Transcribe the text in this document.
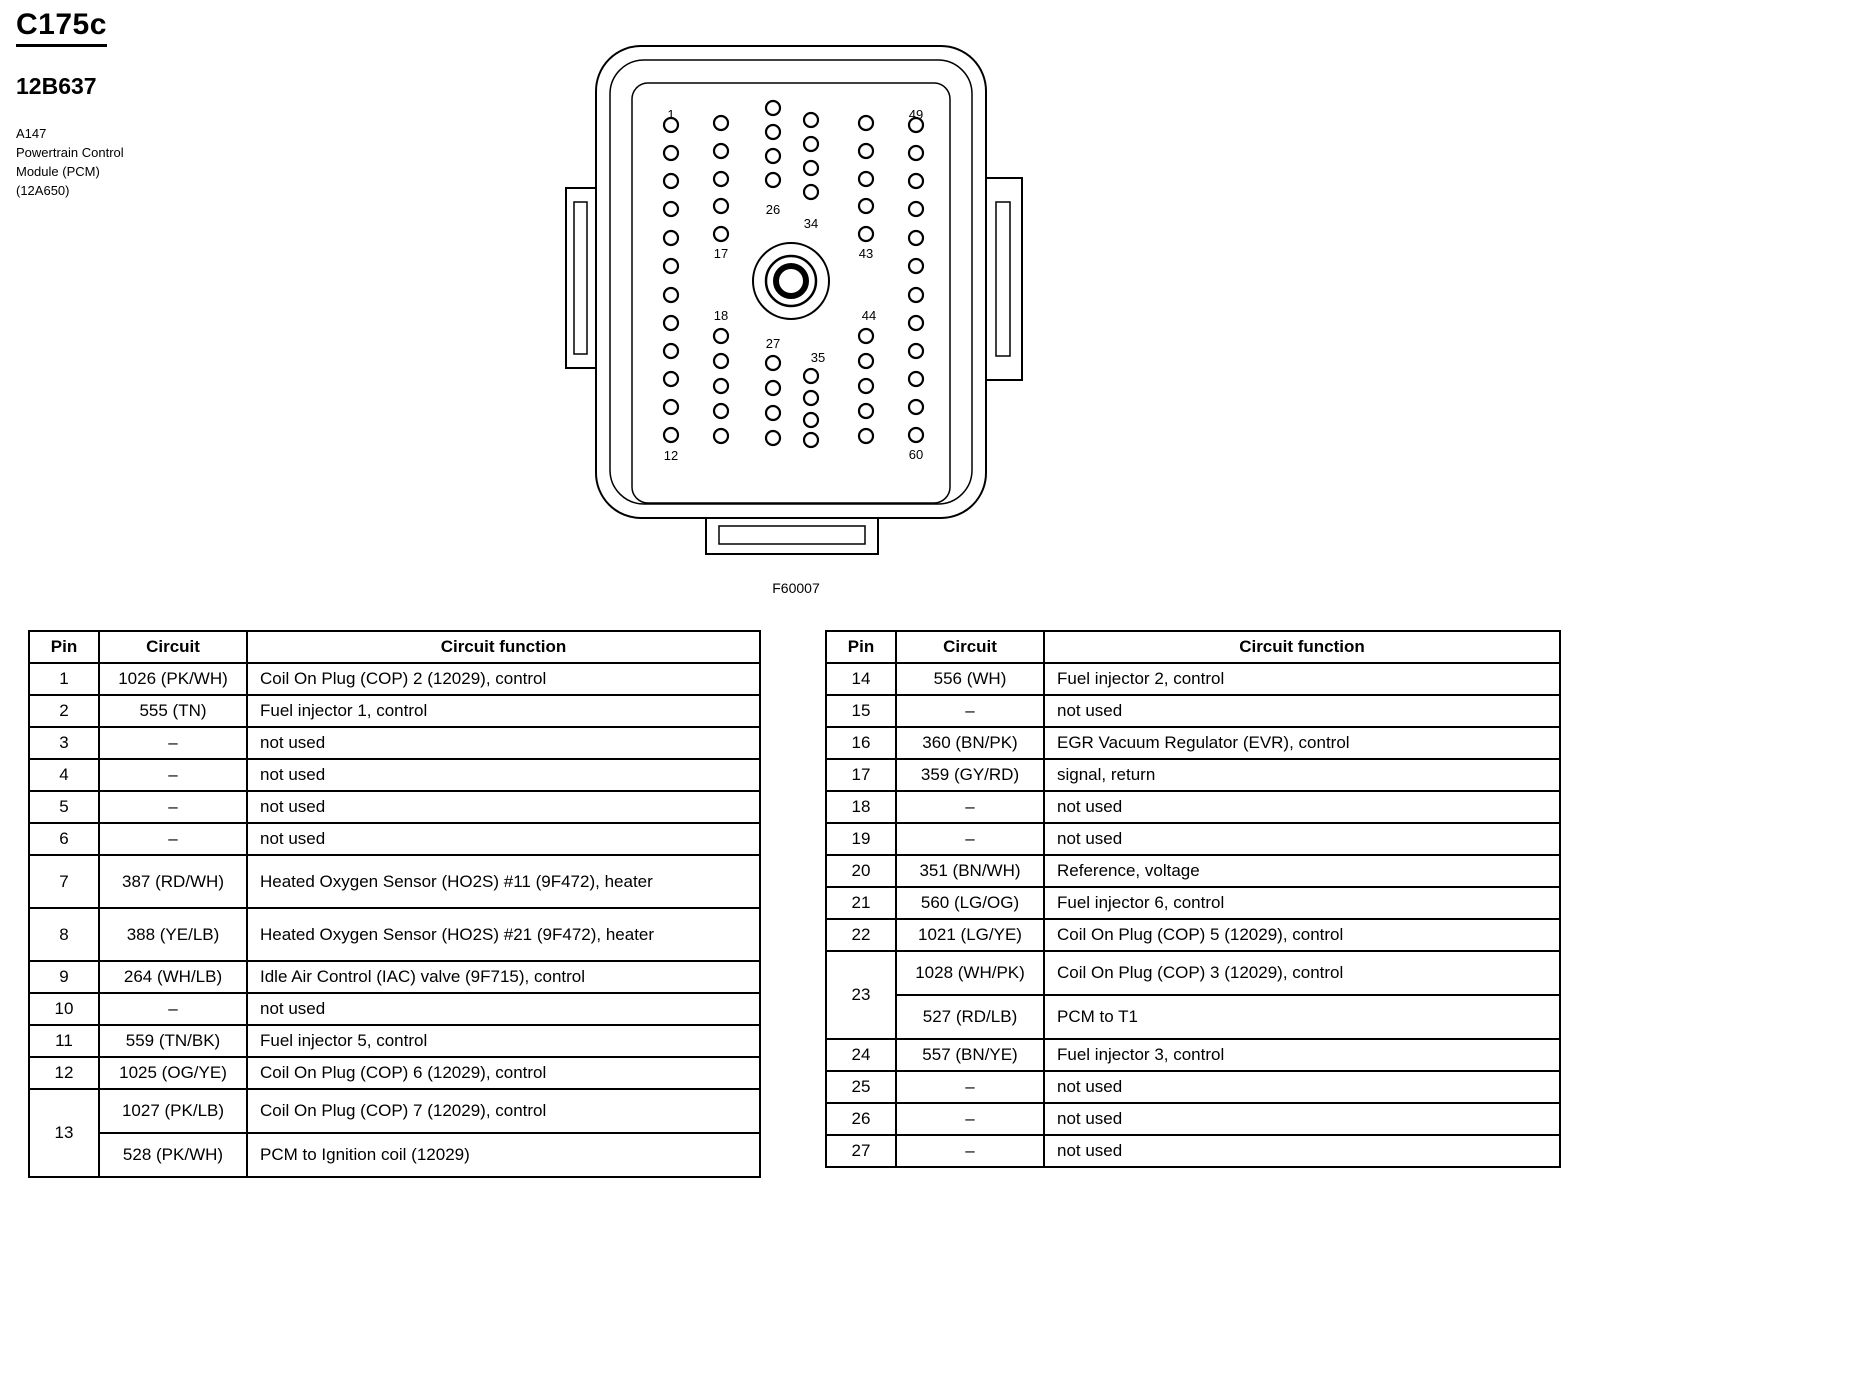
C175c
12B637
A147
Powertrain Control
Module (PCM)
(12A650)
1
12
17
18
26
27
34
35
43
44
49
60
F60007
Pin	Circuit	Circuit function
1	1026 (PK/WH)	Coil On Plug (COP) 2 (12029), control
2	555 (TN)	Fuel injector 1, control
3	–	not used
4	–	not used
5	–	not used
6	–	not used
7	387 (RD/WH)	Heated Oxygen Sensor (HO2S) #11 (9F472), heater
8	388 (YE/LB)	Heated Oxygen Sensor (HO2S) #21 (9F472), heater
9	264 (WH/LB)	Idle Air Control (IAC) valve (9F715), control
10	–	not used
11	559 (TN/BK)	Fuel injector 5, control
12	1025 (OG/YE)	Coil On Plug (COP) 6 (12029), control
13	1027 (PK/LB)	Coil On Plug (COP) 7 (12029), control
	528 (PK/WH)	PCM to Ignition coil (12029)
Pin	Circuit	Circuit function
14	556 (WH)	Fuel injector 2, control
15	–	not used
16	360 (BN/PK)	EGR Vacuum Regulator (EVR), control
17	359 (GY/RD)	signal, return
18	–	not used
19	–	not used
20	351 (BN/WH)	Reference, voltage
21	560 (LG/OG)	Fuel injector 6, control
22	1021 (LG/YE)	Coil On Plug (COP) 5 (12029), control
23	1028 (WH/PK)	Coil On Plug (COP) 3 (12029), control
	527 (RD/LB)	PCM to T1
24	557 (BN/YE)	Fuel injector 3, control
25	–	not used
26	–	not used
27	–	not used
